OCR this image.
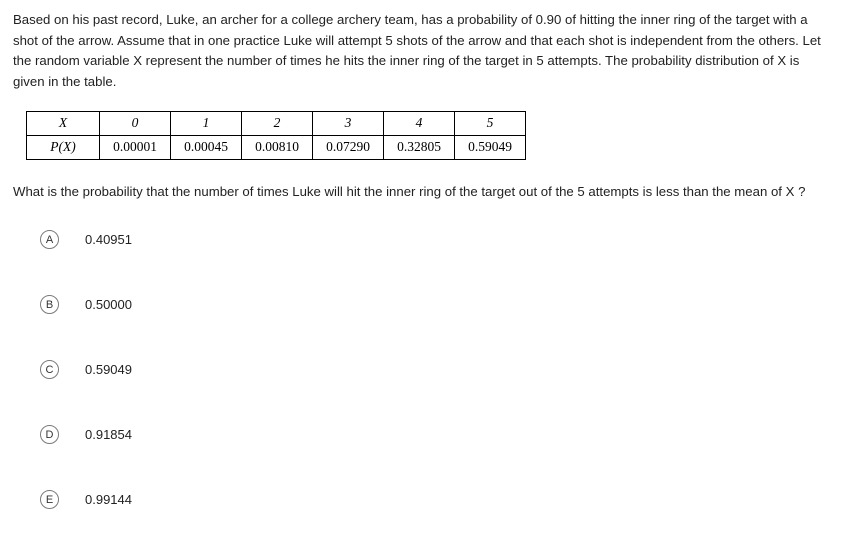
Based on his past record, Luke, an archer for a college archery team, has a probability of 0.90 of hitting the inner ring of the target with a shot of the arrow. Assume that in one practice Luke will attempt 5 shots of the arrow and that each shot is independent from the others. Let the random variable X represent the number of times he hits the inner ring of the target in 5 attempts. The probability distribution of X is given in the table.

X	0	1	2	3	4	5
P(X)	0.00001	0.00045	0.00810	0.07290	0.32805	0.59049

What is the probability that the number of times Luke will hit the inner ring of the target out of the 5 attempts is less than the mean of X ?

A	0.40951
B	0.50000
C	0.59049
D	0.91854
E	0.99144
